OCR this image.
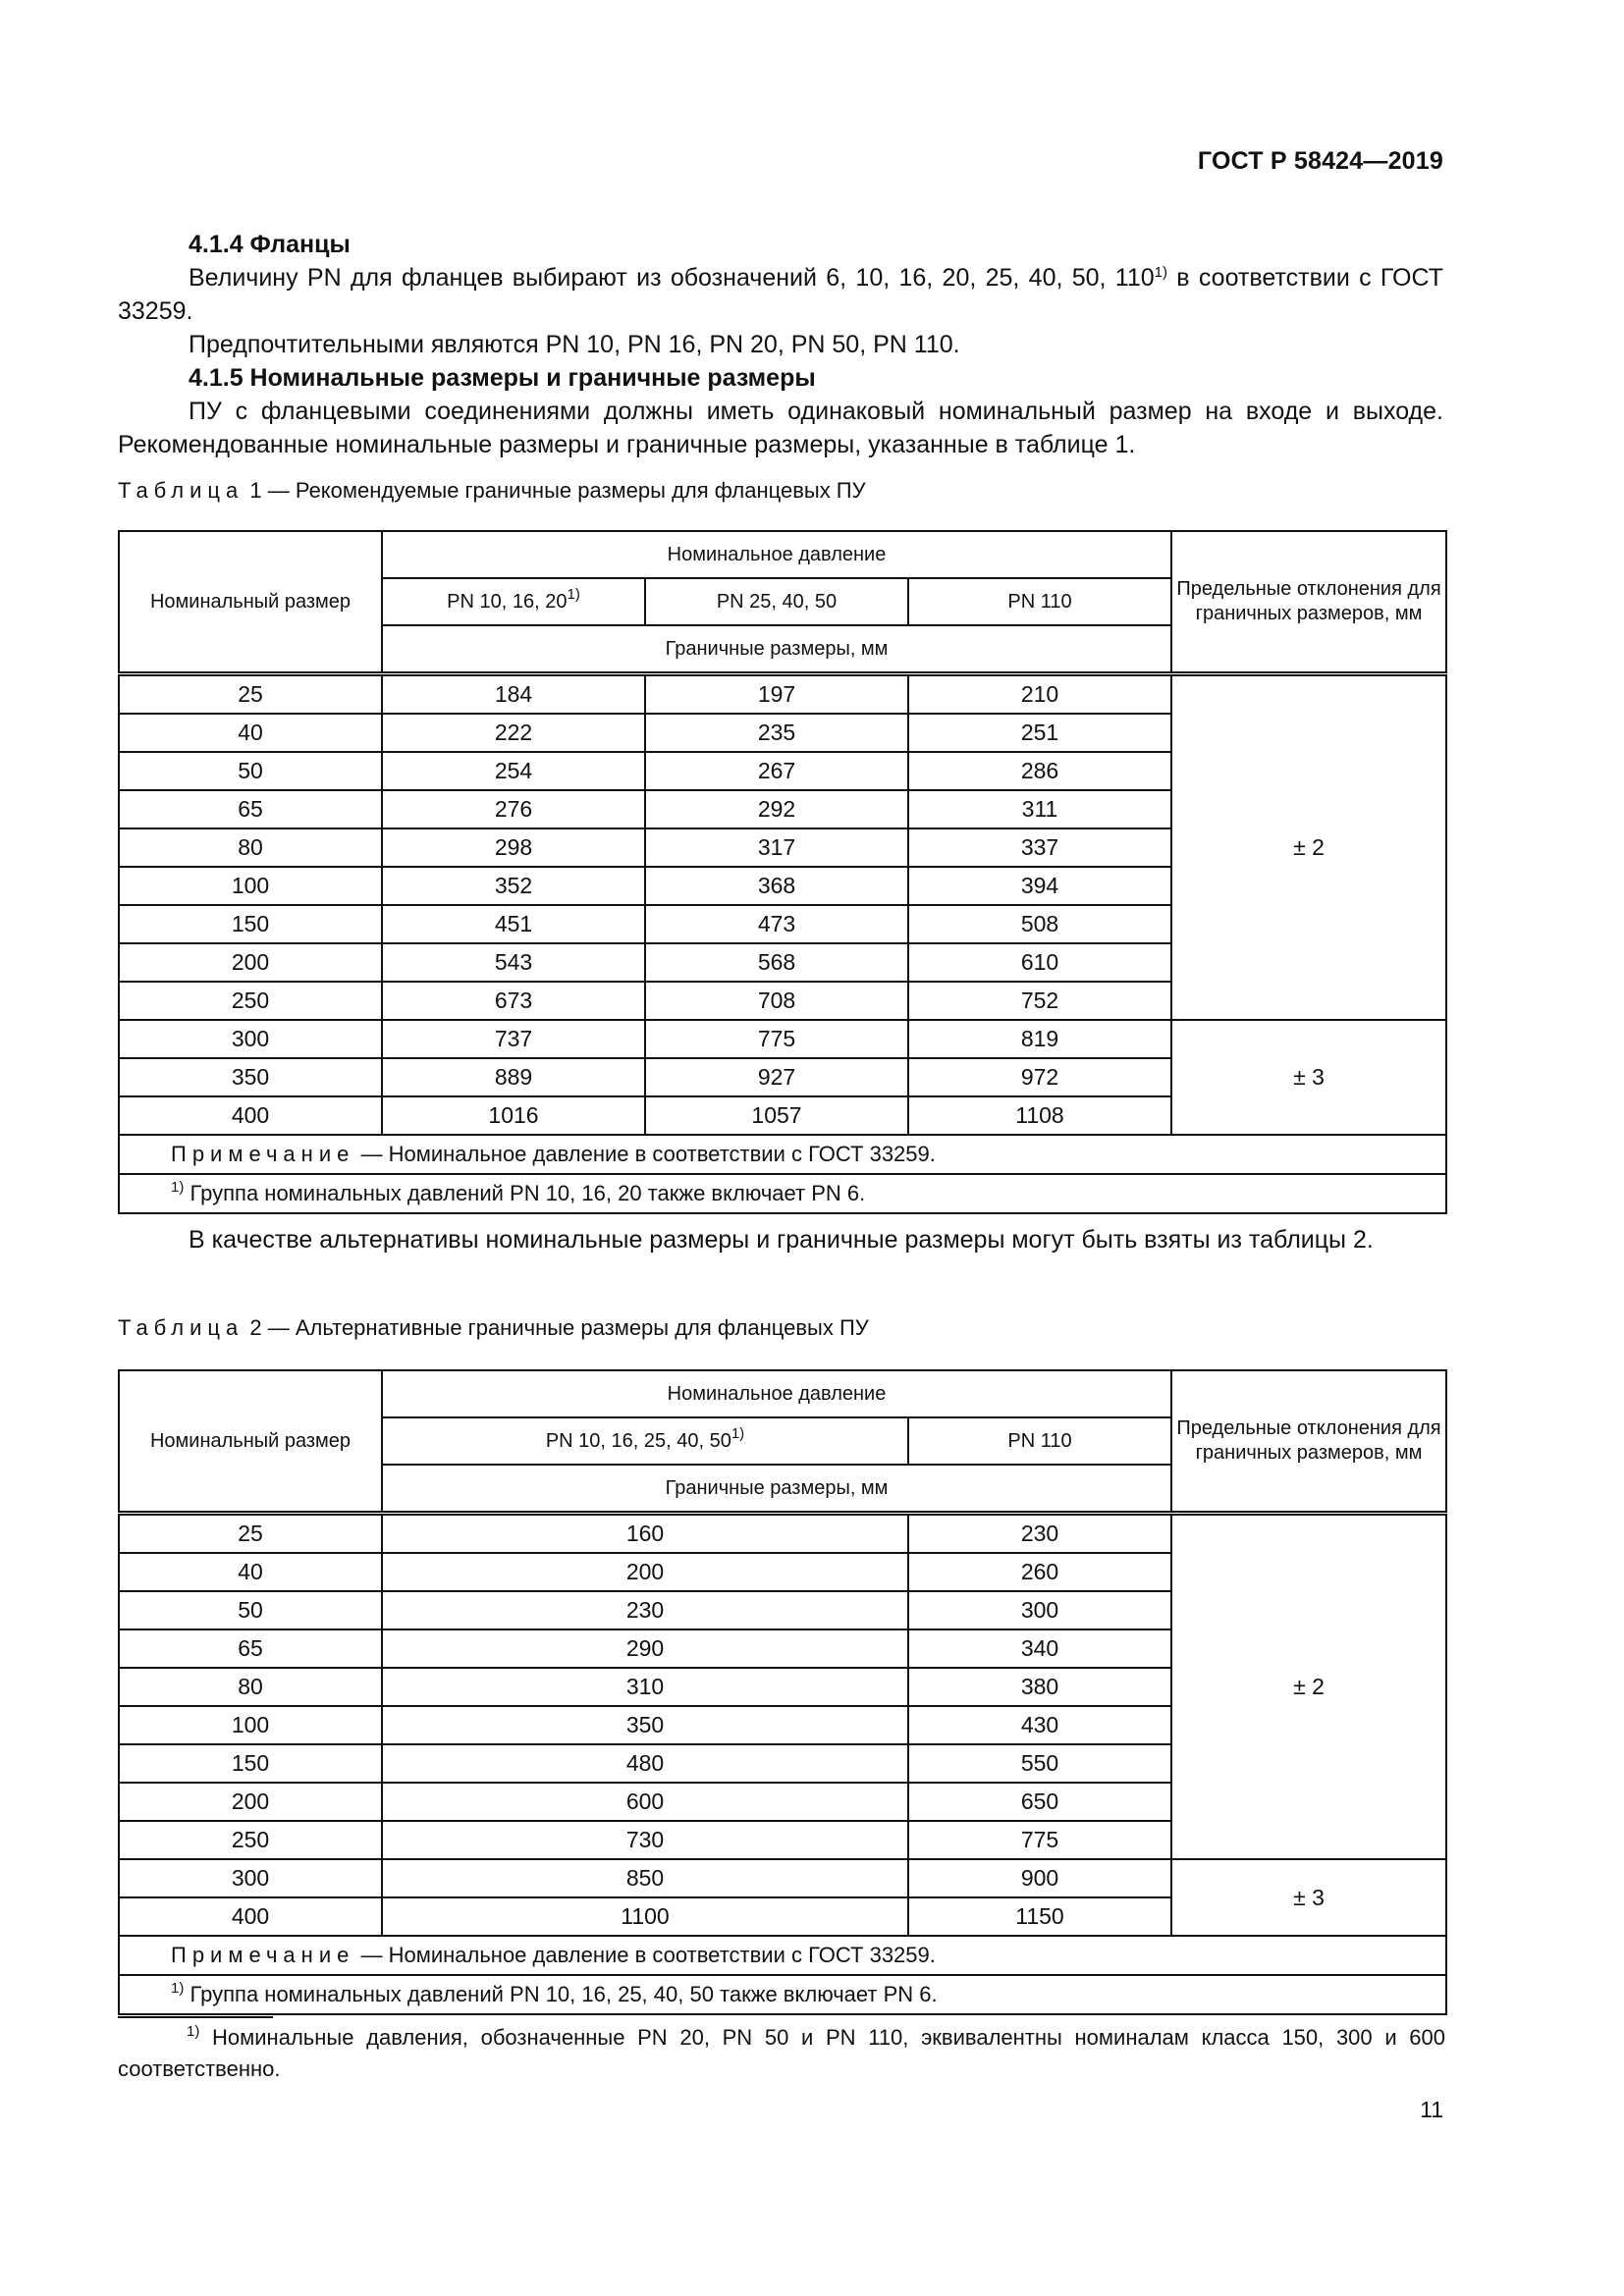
ГОСТ Р 58424—2019

4.1.4 Фланцы

Величину PN для фланцев выбирают из обозначений 6, 10, 16, 20, 25, 40, 50, 110$^{1)}$ в соответствии с ГОСТ 33259.

Предпочтительными являются PN 10, PN 16, PN 20, PN 50, PN 110.

4.1.5 Номинальные размеры и граничные размеры

ПУ с фланцевыми соединениями должны иметь одинаковый номинальный размер на входе и выходе. Рекомендованные номинальные размеры и граничные размеры, указанные в таблице 1.

Таблица 1 — Рекомендуемые граничные размеры для фланцевых ПУ
Номинальный размер	Номинальное давление			Предельные отклонения для граничных размеров, мм
	PN 10, 16, 20$^{1)}$	PN 25, 40, 50	PN 110	
	Граничные размеры, мм			
25	184	197	210	± 2
40	222	235	251	
50	254	267	286	
65	276	292	311	
80	298	317	337	
100	352	368	394	
150	451	473	508	
200	543	568	610	
250	673	708	752	
300	737	775	819	± 3
350	889	927	972	
400	1016	1057	1108	
Примечание — Номинальное давление в соответствии с ГОСТ 33259.				
$^{1)}$ Группа номинальных давлений PN 10, 16, 20 также включает PN 6.				

В качестве альтернативы номинальные размеры и граничные размеры могут быть взяты из таблицы 2.

Таблица 2 — Альтернативные граничные размеры для фланцевых ПУ
Номинальный размер	Номинальное давление		Предельные отклонения для граничных размеров, мм
	PN 10, 16, 25, 40, 50$^{1)}$	PN 110	
	Граничные размеры, мм		
25	160	230	± 2
40	200	260	
50	230	300	
65	290	340	
80	310	380	
100	350	430	
150	480	550	
200	600	650	
250	730	775	
300	850	900	± 3
400	1100	1150	
Примечание — Номинальное давление в соответствии с ГОСТ 33259.			
$^{1)}$ Группа номинальных давлений PN 10, 16, 25, 40, 50 также включает PN 6.			
$^{1)}$ Номинальные давления, обозначенные PN 20, PN 50 и PN 110, эквивалентны номиналам класса 150, 300 и 600 соответственно.
11
